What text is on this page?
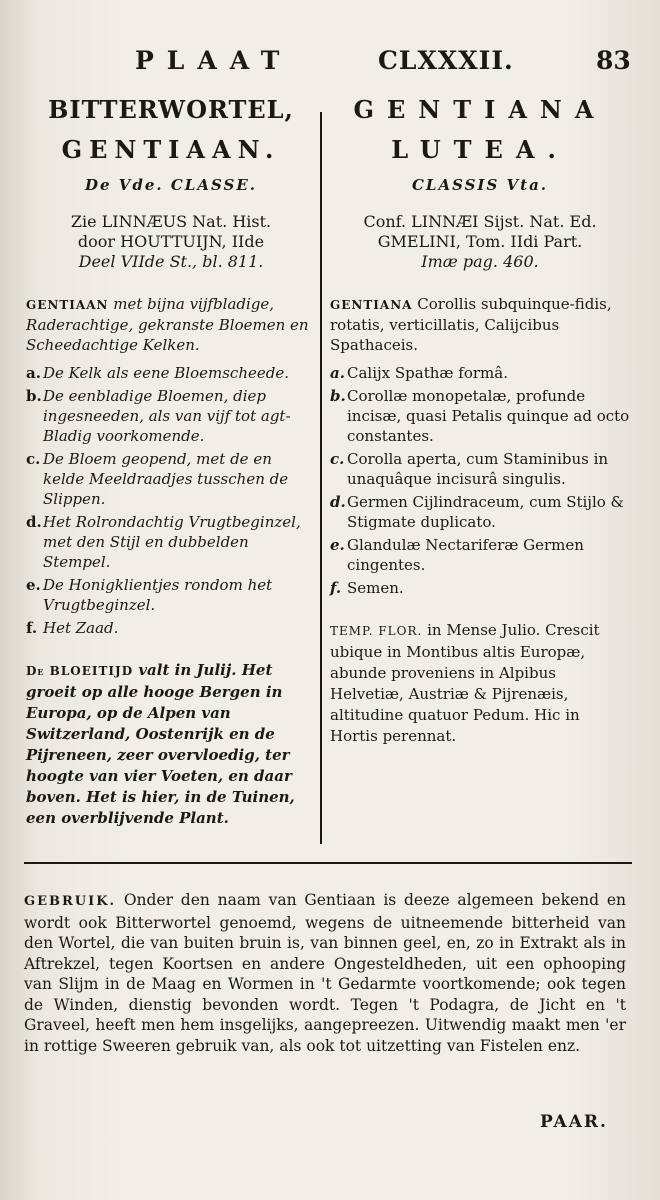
PLAAT	CLXXXII.	83
BITTERWORTEL,
GENTIAAN.
De Vde. CLASSE.
Zie LINNÆUS Nat. Hist.
door HOUTTUIJN, IIde
Deel VIIde St., bl. 811.
GENTIAAN met bijna vijfbladige, Raderachtige, gekranste Bloemen en Scheedachtige Kelken.
a. De Kelk als eene Bloemscheede.
b. De eenbladige Bloemen, diep ingesneeden, als van vijf tot agt-Bladig voorkomende.
c. De Bloem geopend, met de en kelde Meeldraadjes tusschen de Slippen.
d. Het Rolrondachtig Vrugtbeginzel, met den Stijl en dubbelden Stempel.
e. De Honigklientjes rondom het Vrugtbeginzel.
f. Het Zaad.
De BLOEITIJD valt in Julij. Het groeit op alle hooge Bergen in Europa, op de Alpen van Switzerland, Oostenrijk en de Pijreneen, zeer overvloedig, ter hoogte van vier Voeten, en daar boven. Het is hier, in de Tuinen, een overblijvende Plant.
GENTIANA
LUTEA.
CLASSIS Vta.
Conf. LINNÆI Sijst. Nat. Ed.
GMELINI, Tom. IIdi Part.
Imæ pag. 460.
GENTIANA Corollis subquinque-fidis, rotatis, verticillatis, Calijcibus Spathaceis.
a. Calijx Spathæ formâ.
b. Corollæ monopetalæ, profunde incisæ, quasi Petalis quinque ad octo constantes.
c. Corolla aperta, cum Staminibus in unaquâque incisurâ singulis.
d. Germen Cijlindraceum, cum Stijlo & Stigmate duplicato.
e. Glandulæ Nectariferæ Germen cingentes.
f. Semen.
TEMP. FLOR. in Mense Julio. Crescit ubique in Montibus altis Europæ, abunde proveniens in Alpibus Helvetiæ, Austriæ & Pijrenæis, altitudine quatuor Pedum. Hic in Hortis perennat.
GEBRUIK. Onder den naam van Gentiaan is deeze algemeen bekend en wordt ook Bitterwortel genoemd, wegens de uitneemende bitterheid van den Wortel, die van buiten bruin is, van binnen geel, en, zo in Extrakt als in Aftrekzel, tegen Koortsen en andere Ongesteldheden, uit een ophooping van Slijm in de Maag en Wormen in 't Gedarmte voortkomende; ook tegen de Winden, dienstig bevonden wordt. Tegen 't Podagra, de Jicht en 't Graveel, heeft men hem insgelijks, aangepreezen. Uitwendig maakt men 'er in rottige Sweeren gebruik van, als ook tot uitzetting van Fistelen enz.
PAAR.
